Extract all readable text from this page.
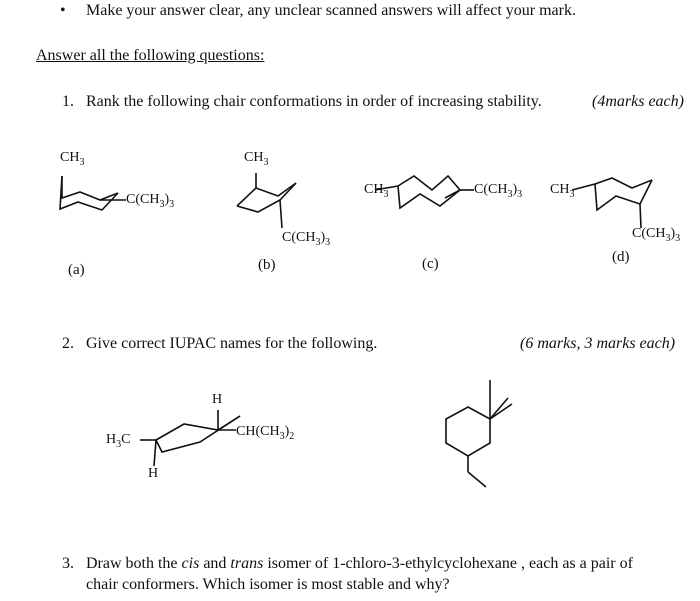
• Make your answer clear, any unclear scanned answers will affect your mark.
Answer all the following questions:
1. Rank the following chair conformations in order of increasing stability.	(4marks each)
$CH_3$
$C(CH_3)_3$
(a)
$CH_3$
$C(CH_3)_3$
(b)
$CH_3$	$C(CH_3)_3$
(c)
$CH_3$
$C(CH_3)_3$
(d)
2. Give correct IUPAC names for the following.	(6 marks, 3 marks each)
H
$CH(CH_3)_2$
$H_3C$
H
3. Draw both the cis and trans isomer of 1-chloro-3-ethylcyclohexane , each as a pair of
chair conformers. Which isomer is most stable and why?
